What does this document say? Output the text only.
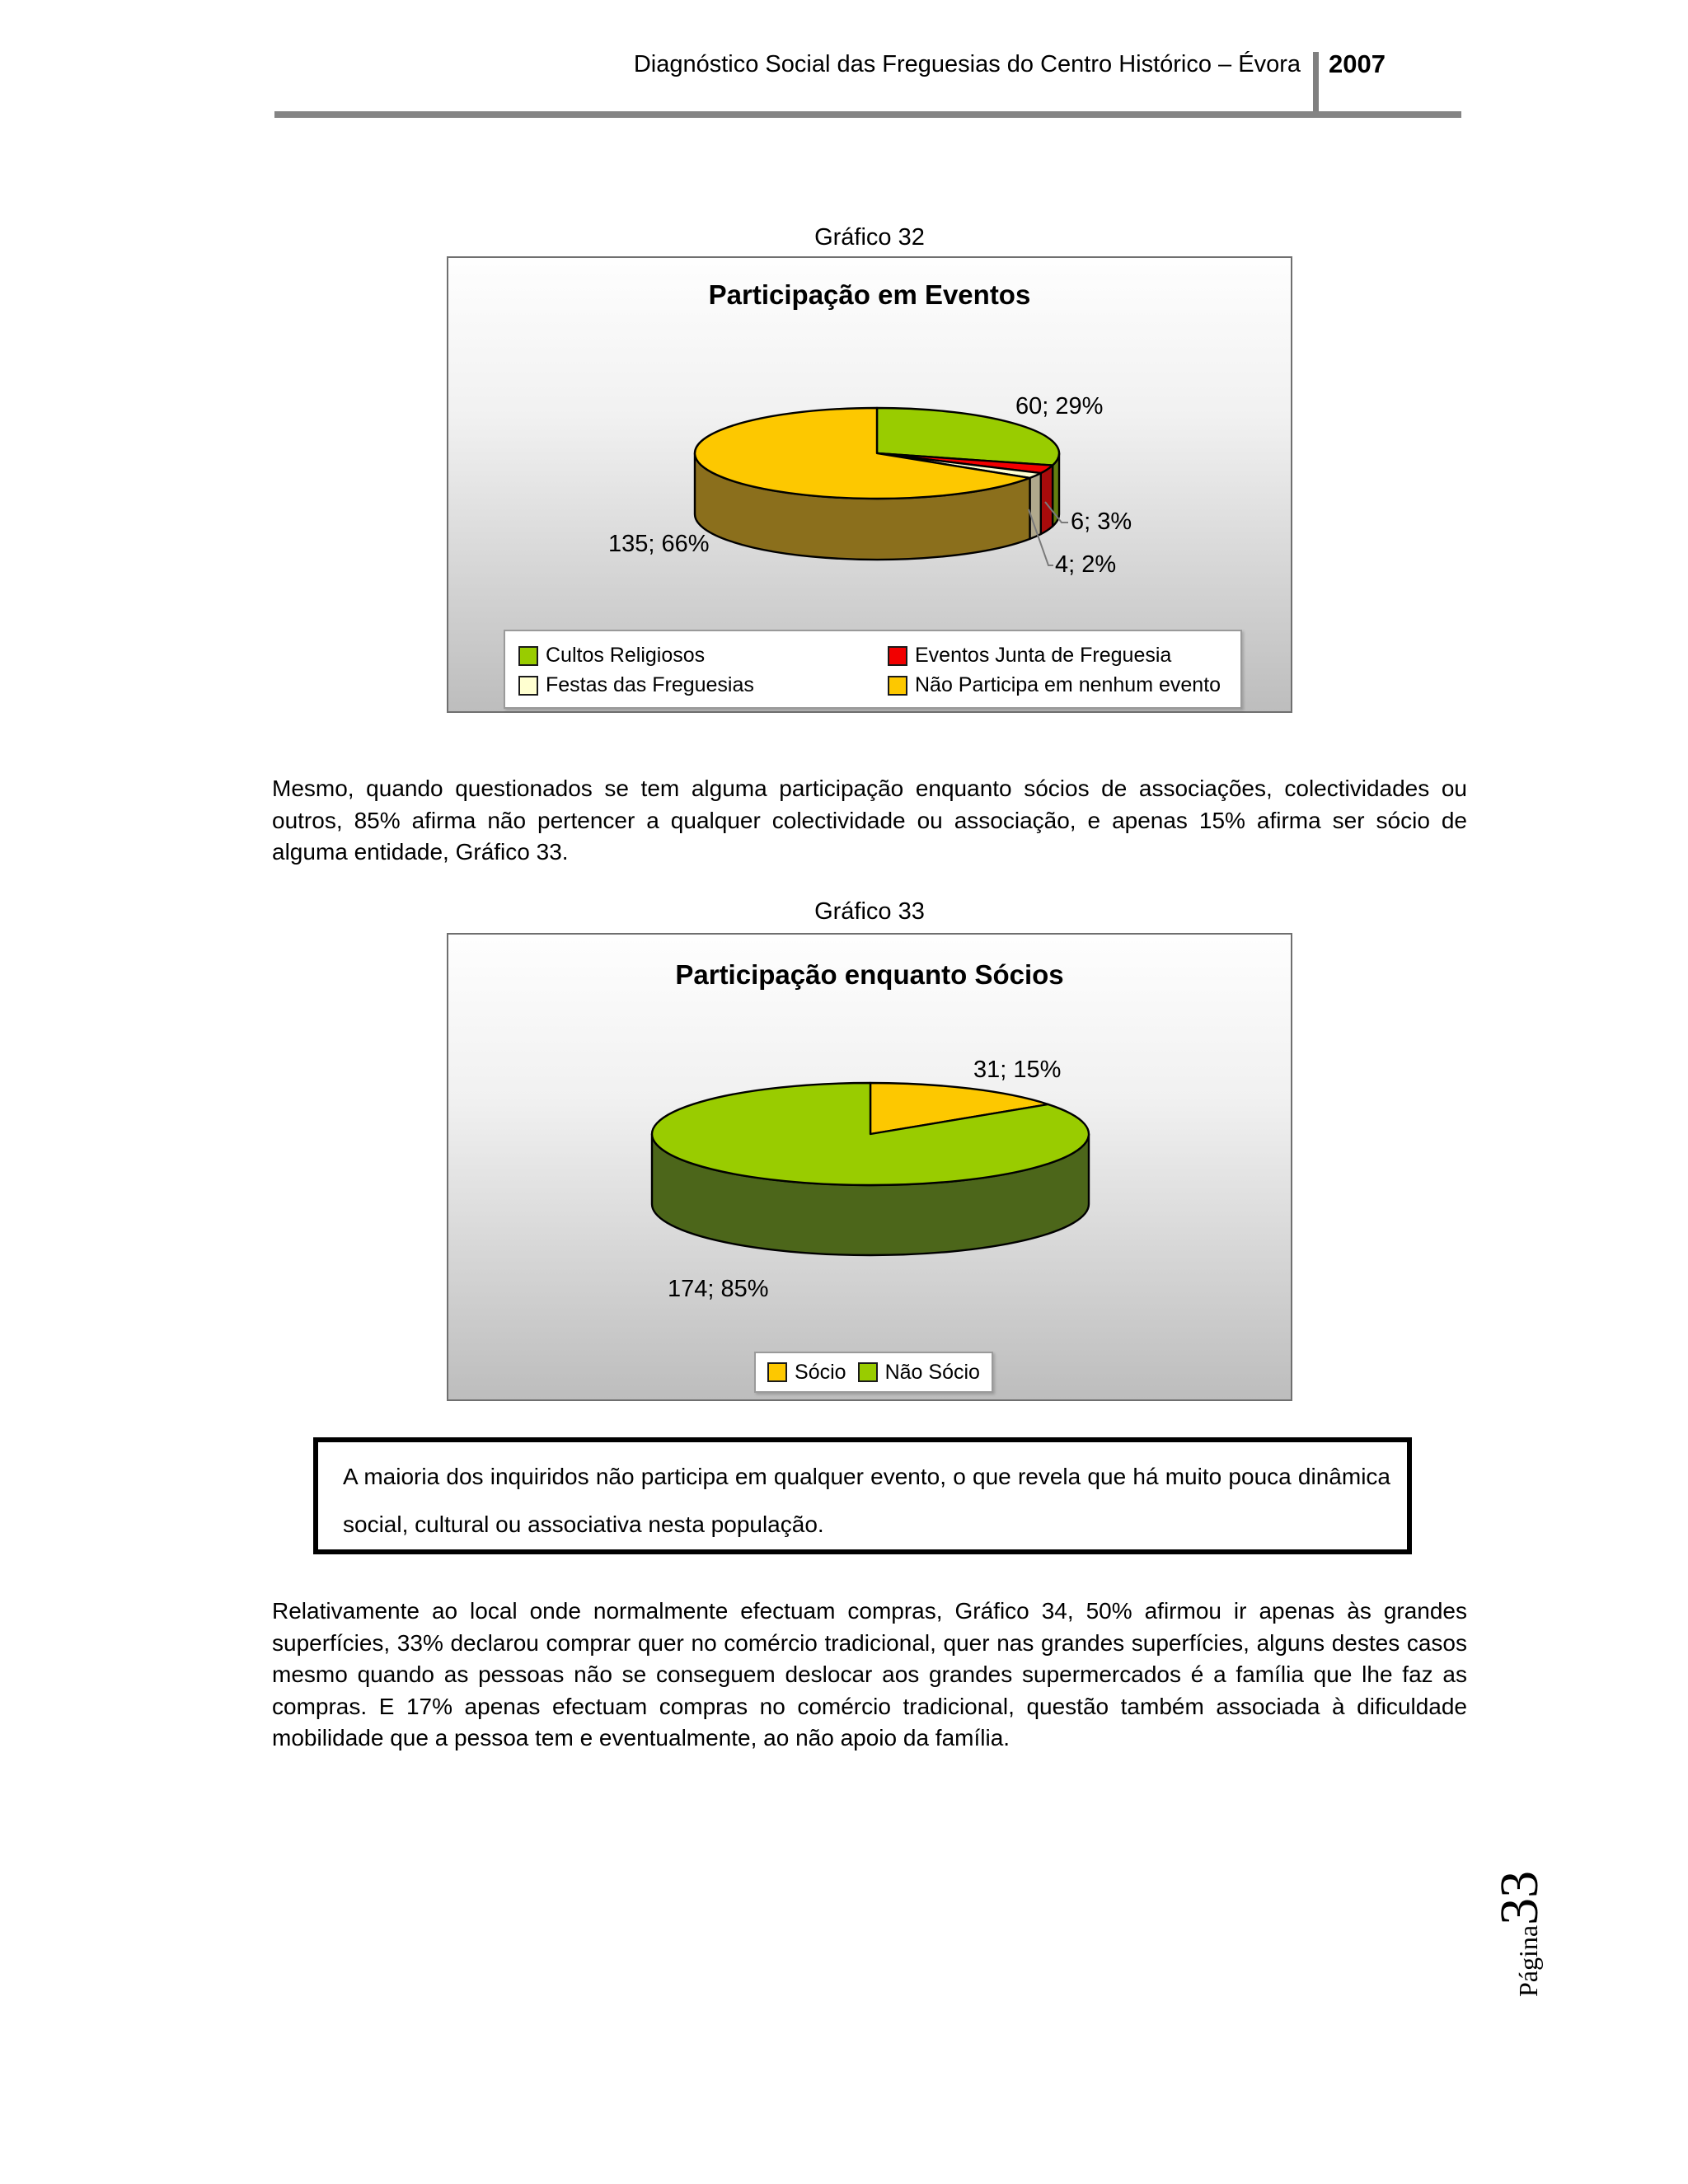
Diagnóstico Social das Freguesias do Centro Histórico – Évora 2007
Gráfico 32
Participação em Eventos
60; 29%
6; 3%
4; 2%
135; 66%
Cultos Religiosos	Eventos Junta de Freguesia
Festas das Freguesias	Não Participa em nenhum evento
Mesmo, quando questionados se tem alguma participação enquanto sócios de associações, colectividades ou outros, 85% afirma não pertencer a qualquer colectividade ou associação, e apenas 15% afirma ser sócio de alguma entidade, Gráfico 33.
Gráfico 33
Participação enquanto Sócios
31; 15%
174; 85%
Sócio Não Sócio
A maioria dos inquiridos não participa em qualquer evento, o que revela que há muito pouca dinâmica social, cultural ou associativa nesta população.
Relativamente ao local onde normalmente efectuam compras, Gráfico 34, 50% afirmou ir apenas às grandes superfícies, 33% declarou comprar quer no comércio tradicional, quer nas grandes superfícies, alguns destes casos mesmo quando as pessoas não se conseguem deslocar aos grandes supermercados é a família que lhe faz as compras. E 17% apenas efectuam compras no comércio tradicional, questão também associada à dificuldade mobilidade que a pessoa tem e eventualmente, ao não apoio da família.
Página
33
